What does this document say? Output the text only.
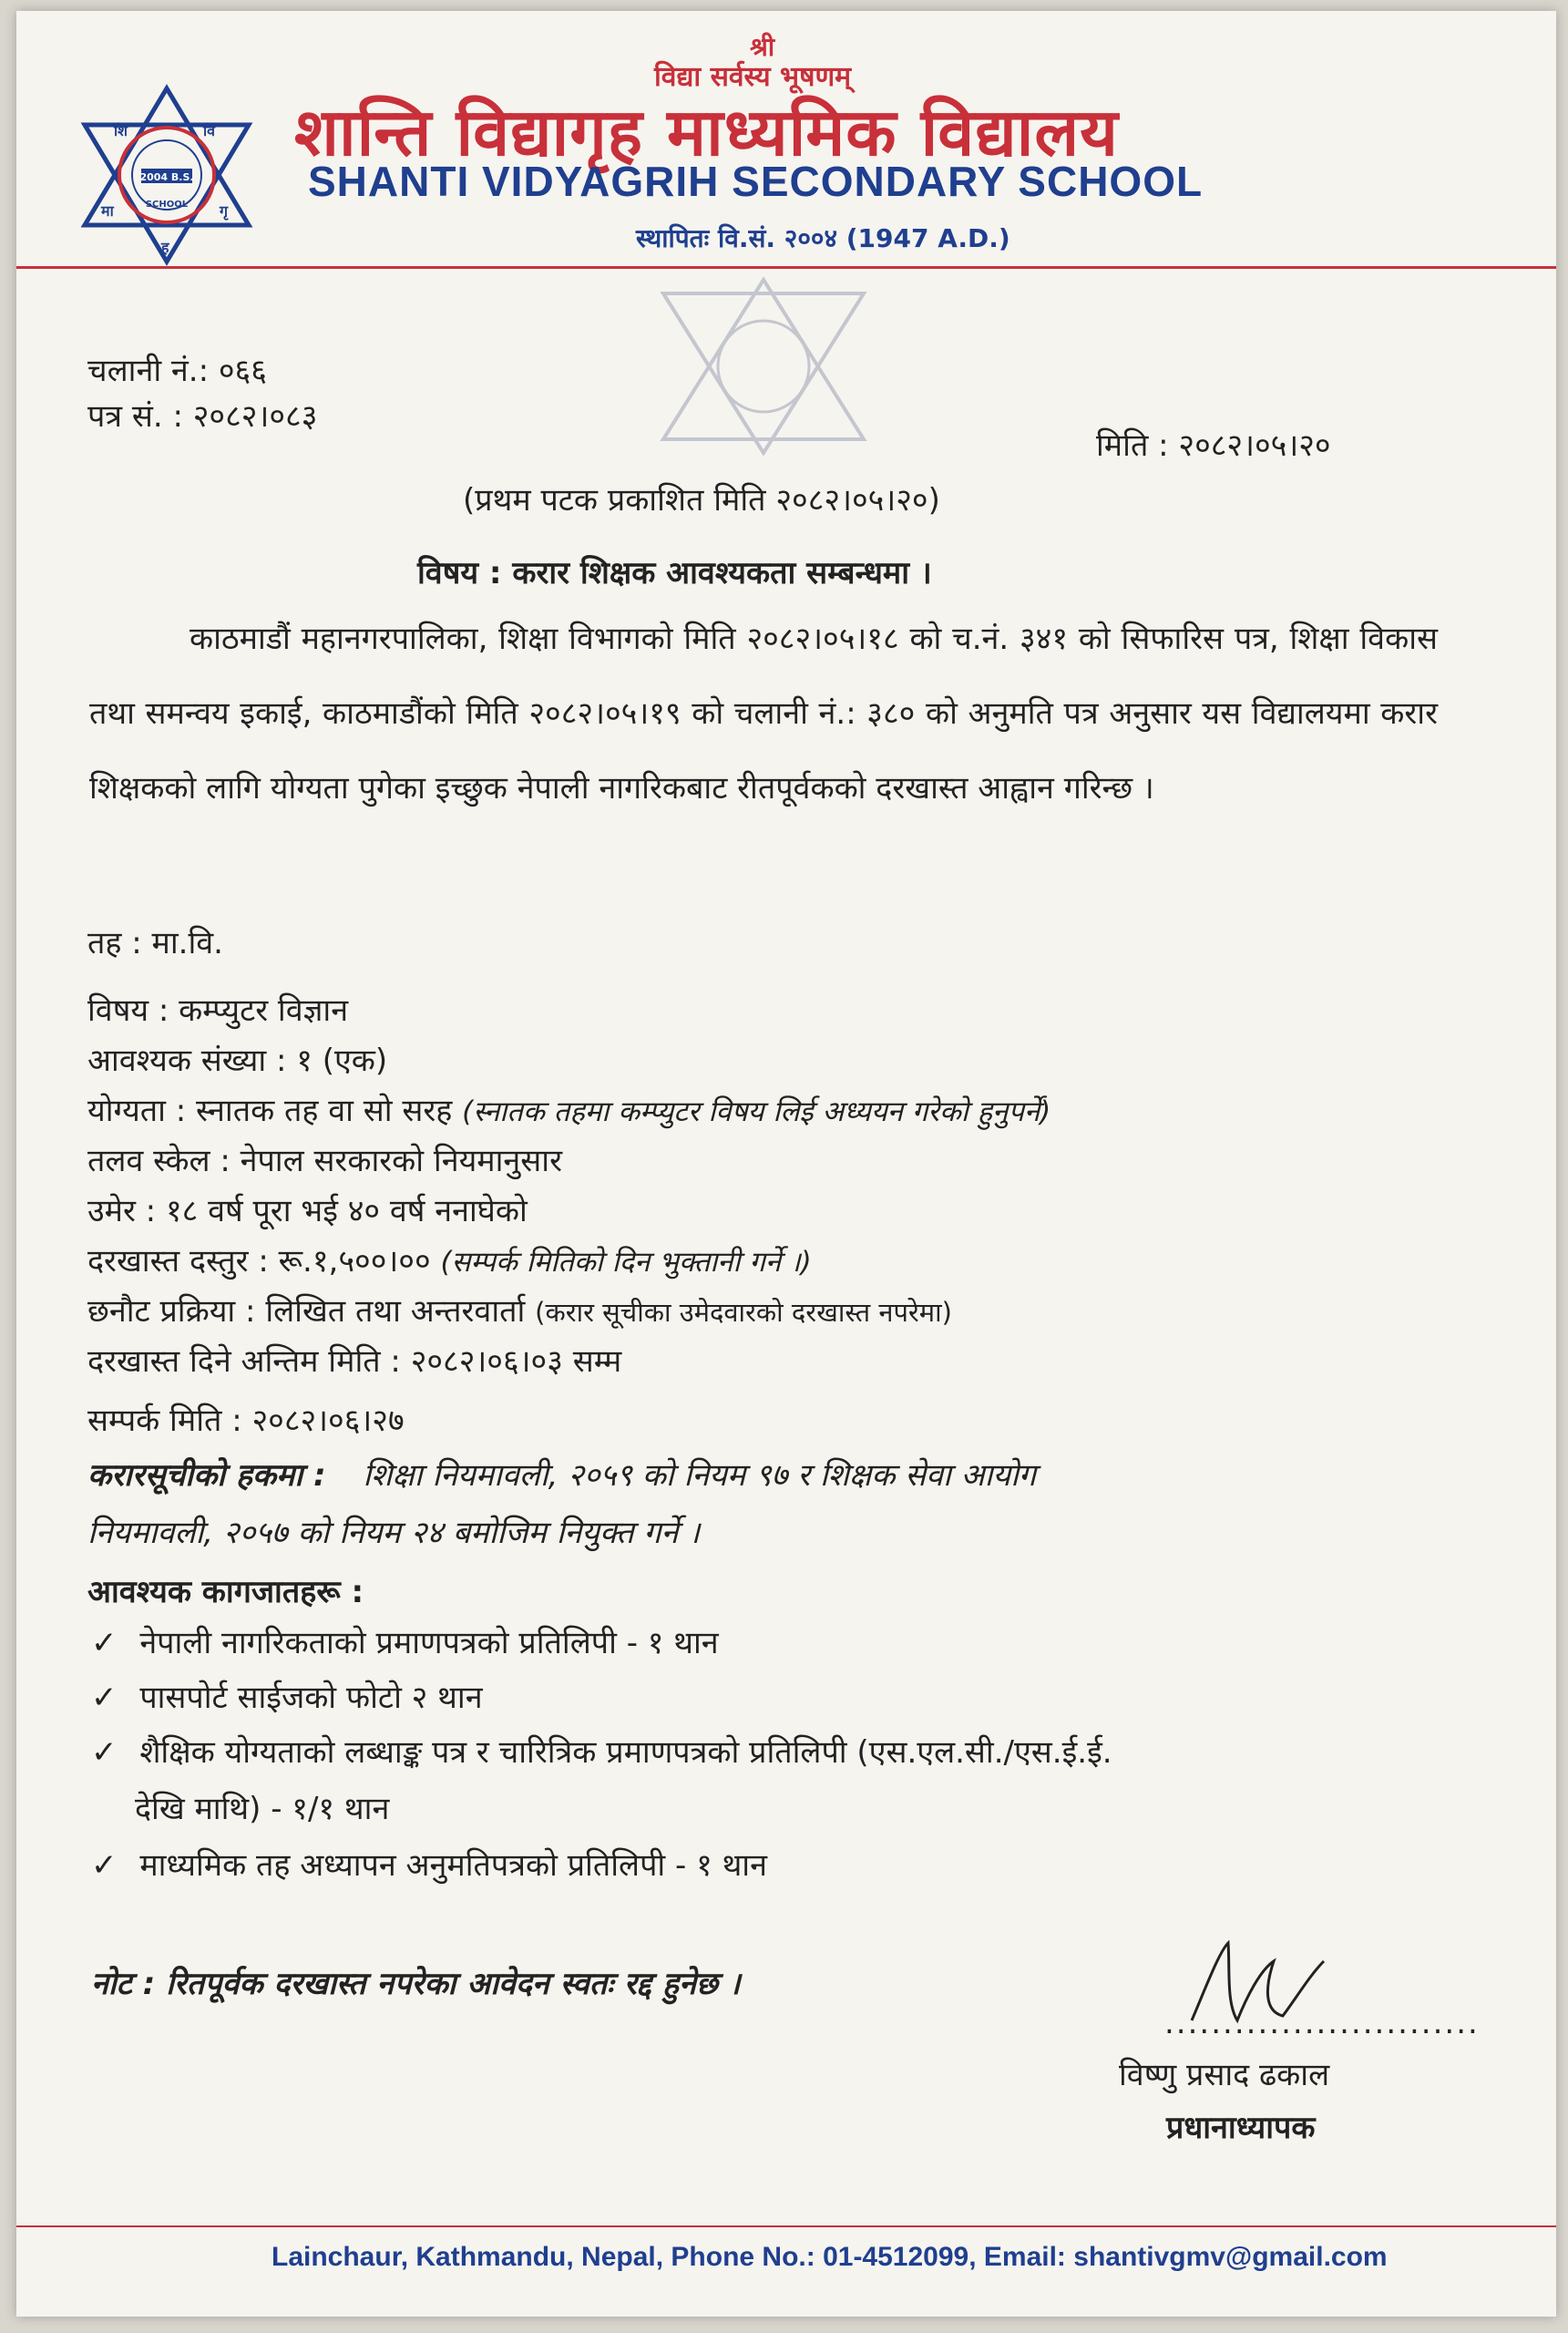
शि	वि
मा	गृ
ह
2004 B.S.
SCHOOL
श्री
विद्या सर्वस्य भूषणम्
शान्ति विद्यागृह माध्यमिक विद्यालय
SHANTI VIDYAGRIH SECONDARY SCHOOL
स्थापितः वि.सं. २००४ (1947 A.D.)
चलानी नं.: ०६६
पत्र सं. : २०८२।०८३
मिति : २०८२।०५।२०
(प्रथम पटक प्रकाशित मिति २०८२।०५।२०)
विषय : करार शिक्षक आवश्यकता सम्बन्धमा ।

काठमाडौं महानगरपालिका, शिक्षा विभागको मिति २०८२।०५।१८ को च.नं. ३४१ को सिफारिस पत्र, शिक्षा विकास तथा समन्वय इकाई, काठमाडौंको मिति २०८२।०५।१९ को चलानी नं.: ३८० को अनुमति पत्र अनुसार यस विद्यालयमा करार शिक्षकको लागि योग्यता पुगेका इच्छुक नेपाली नागरिकबाट रीतपूर्वकको दरखास्त आह्वान गरिन्छ ।

तह : मा.वि.
विषय : कम्प्युटर विज्ञान
आवश्यक संख्या : १ (एक)
योग्यता : स्नातक तह वा सो सरह (स्नातक तहमा कम्प्युटर विषय लिई अध्ययन गरेको हुनुपर्ने)
तलव स्केल : नेपाल सरकारको नियमानुसार
उमेर : १८ वर्ष पूरा भई ४० वर्ष ननाघेको
दरखास्त दस्तुर : रू.१,५००।०० (सम्पर्क मितिको दिन भुक्तानी गर्ने ।)
छनौट प्रक्रिया : लिखित तथा अन्तरवार्ता (करार सूचीका उमेदवारको दरखास्त नपरेमा)
दरखास्त दिने अन्तिम मिति : २०८२।०६।०३ सम्म
सम्पर्क मिति : २०८२।०६।२७
करारसूचीको हकमा : शिक्षा नियमावली, २०५९ को नियम ९७ र शिक्षक सेवा आयोग
नियमावली, २०५७ को नियम २४ बमोजिम नियुक्त गर्ने ।
आवश्यक कागजातहरू :
✓ नेपाली नागरिकताको प्रमाणपत्रको प्रतिलिपी - १ थान
✓ पासपोर्ट साईजको फोटो २ थान
✓ शैक्षिक योग्यताको लब्धाङ्क पत्र र चारित्रिक प्रमाणपत्रको प्रतिलिपी (एस.एल.सी./एस.ई.ई.
देखि माथि) - १/१ थान
✓ माध्यमिक तह अध्यापन अनुमतिपत्रको प्रतिलिपी - १ थान
नोट : रितपूर्वक दरखास्त नपरेका आवेदन स्वतः रद्द हुनेछ ।
...........................
विष्णु प्रसाद ढकाल
प्रधानाध्यापक
Lainchaur, Kathmandu, Nepal, Phone No.: 01-4512099, Email: shantivgmv@gmail.com
